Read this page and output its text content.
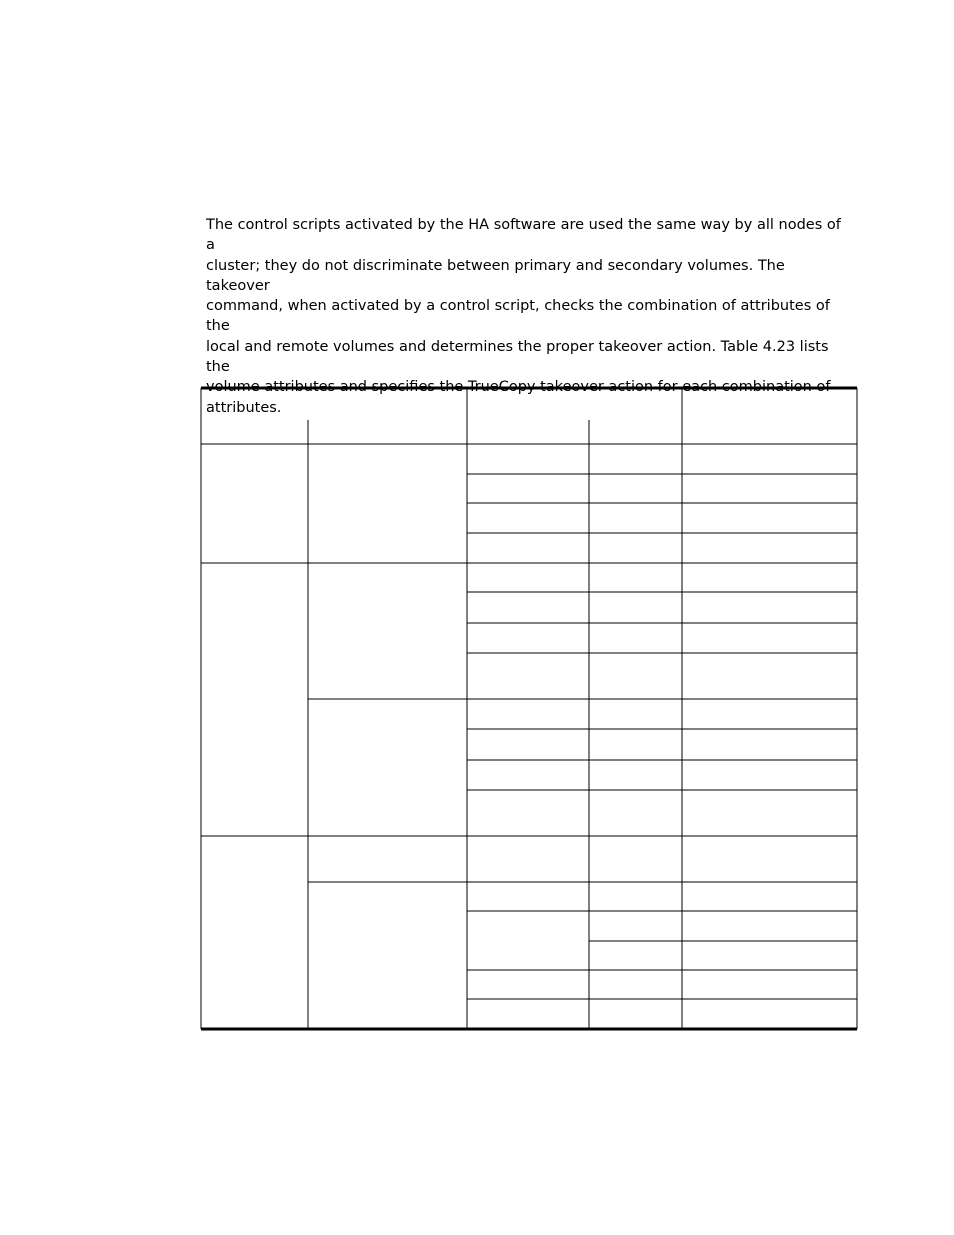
The control scripts activated by the HA software are used the same way by all nodes of a
cluster; they do not discriminate between primary and secondary volumes. The takeover
command, when activated by a control script, checks the combination of attributes of the
local and remote volumes and determines the proper takeover action. Table 4.23 lists the
volume attributes and specifies the TrueCopy takeover action for each combination of
attributes.
